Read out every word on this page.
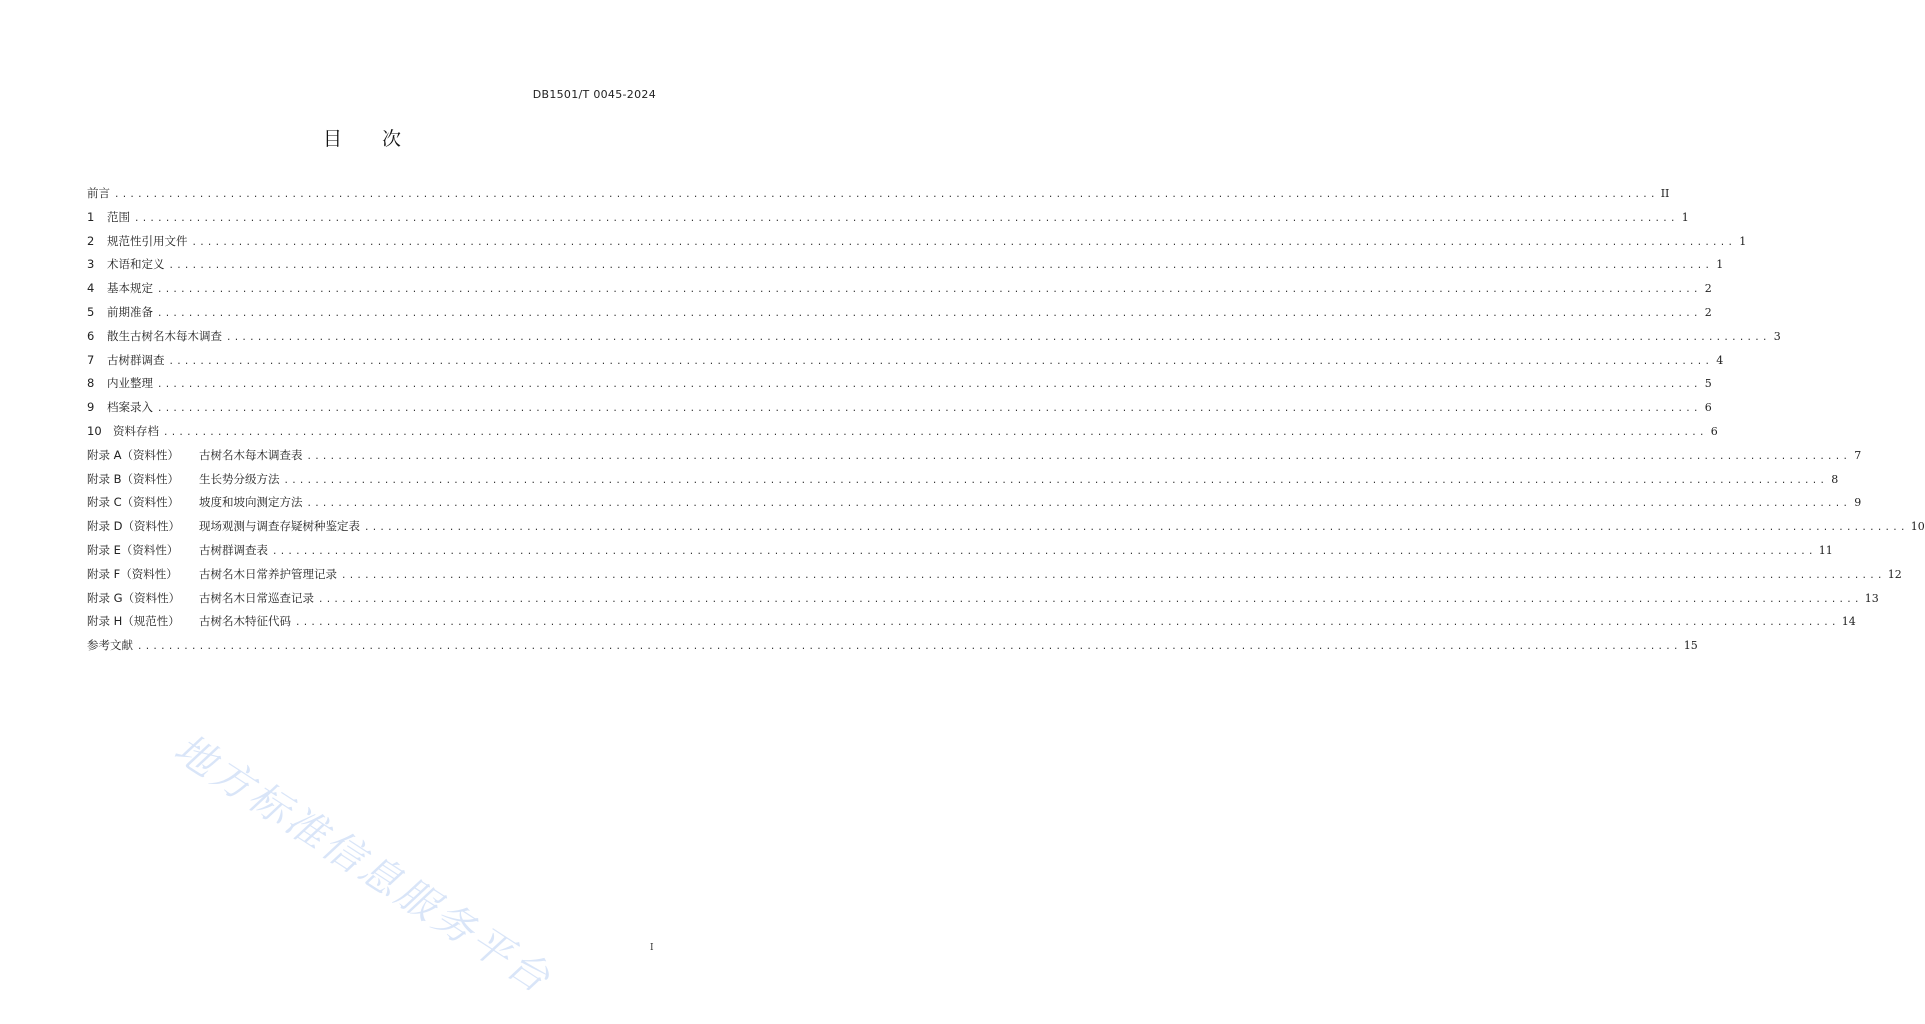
DB1501/T 0045-2024
目 次
前言 ........................................................................................................................................................................................................ II
1	范围 ........................................................................................................................................................................................................ 1
2	规范性引用文件 ........................................................................................................................................................................................................ 1
3	术语和定义 ........................................................................................................................................................................................................ 1
4	基本规定 ........................................................................................................................................................................................................ 2
5	前期准备 ........................................................................................................................................................................................................ 2
6	散生古树名木每木调查 ........................................................................................................................................................................................................ 3
7	古树群调查 ........................................................................................................................................................................................................ 4
8	内业整理 ........................................................................................................................................................................................................ 5
9	档案录入 ........................................................................................................................................................................................................ 6
10 资料存档 ........................................................................................................................................................................................................ 6
附录 A（资料性）	古树名木每木调查表 ........................................................................................................................................................................................................ 7
附录 B（资料性）	生长势分级方法 ........................................................................................................................................................................................................ 8
附录 C（资料性）	坡度和坡向测定方法 ........................................................................................................................................................................................................ 9
附录 D（资料性）	现场观测与调查存疑树种鉴定表 ........................................................................................................................................................................................................ 10
附录 E（资料性）	古树群调查表 ........................................................................................................................................................................................................ 11
附录 F（资料性）	古树名木日常养护管理记录 ........................................................................................................................................................................................................ 12
附录 G（资料性）	古树名木日常巡查记录 ........................................................................................................................................................................................................ 13
附录 H（规范性）	古树名木特征代码 ........................................................................................................................................................................................................ 14
参考文献 ........................................................................................................................................................................................................ 15
地方标准信息服务平台	I
